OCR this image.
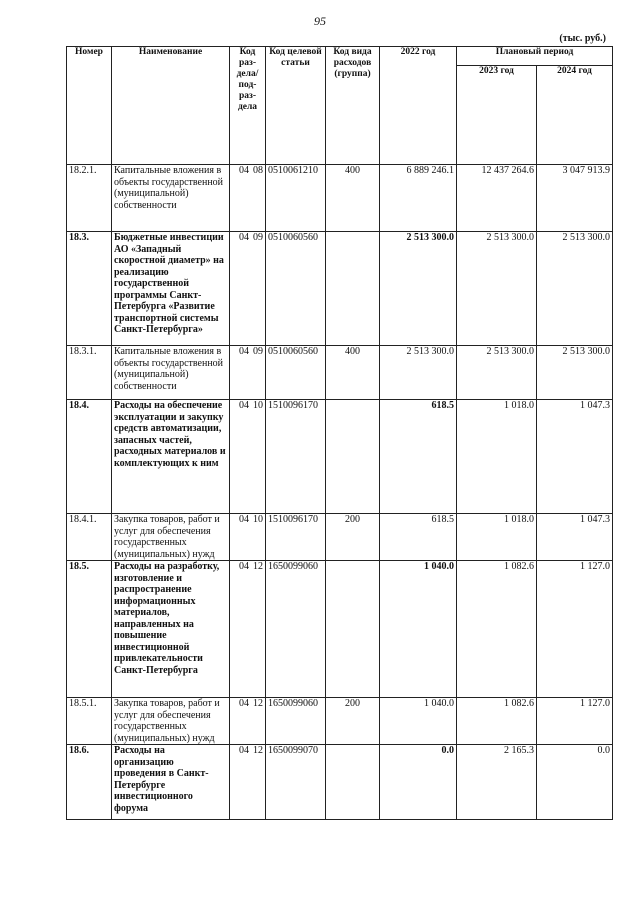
95
(тыс. руб.)
Номер	Наименование	Код раз- дела/ под- раз- дела	Код целевой статьи	Код вида расходов (группа)	2022 год	Плановый период	
						2023 год	2024 год
18.2.1.	Капитальные вложения в объекты государственной (муниципальной) собственности	04 08	0510061210	400	6 889 246.1	12 437 264.6	3 047 913.9
18.3.	Бюджетные инвестиции АО «Западный скоростной диаметр» на реализацию государственной программы Санкт-Петербурга «Развитие транспортной системы Санкт-Петербурга»	04 09	0510060560		2 513 300.0	2 513 300.0	2 513 300.0
18.3.1.	Капитальные вложения в объекты государственной (муниципальной) собственности	04 09	0510060560	400	2 513 300.0	2 513 300.0	2 513 300.0
18.4.	Расходы на обеспечение эксплуатации и закупку средств автоматизации, запасных частей, расходных материалов и комплектующих к ним	04 10	1510096170		618.5	1 018.0	1 047.3
18.4.1.	Закупка товаров, работ и услуг для обеспечения государственных (муниципальных) нужд	04 10	1510096170	200	618.5	1 018.0	1 047.3
18.5.	Расходы на разработку, изготовление и распространение информационных материалов, направленных на повышение инвестиционной привлекательности Санкт-Петербурга	04 12	1650099060		1 040.0	1 082.6	1 127.0
18.5.1.	Закупка товаров, работ и услуг для обеспечения государственных (муниципальных) нужд	04 12	1650099060	200	1 040.0	1 082.6	1 127.0
18.6.	Расходы на организацию проведения в Санкт-Петербурге инвестиционного форума	04 12	1650099070		0.0	2 165.3	0.0
